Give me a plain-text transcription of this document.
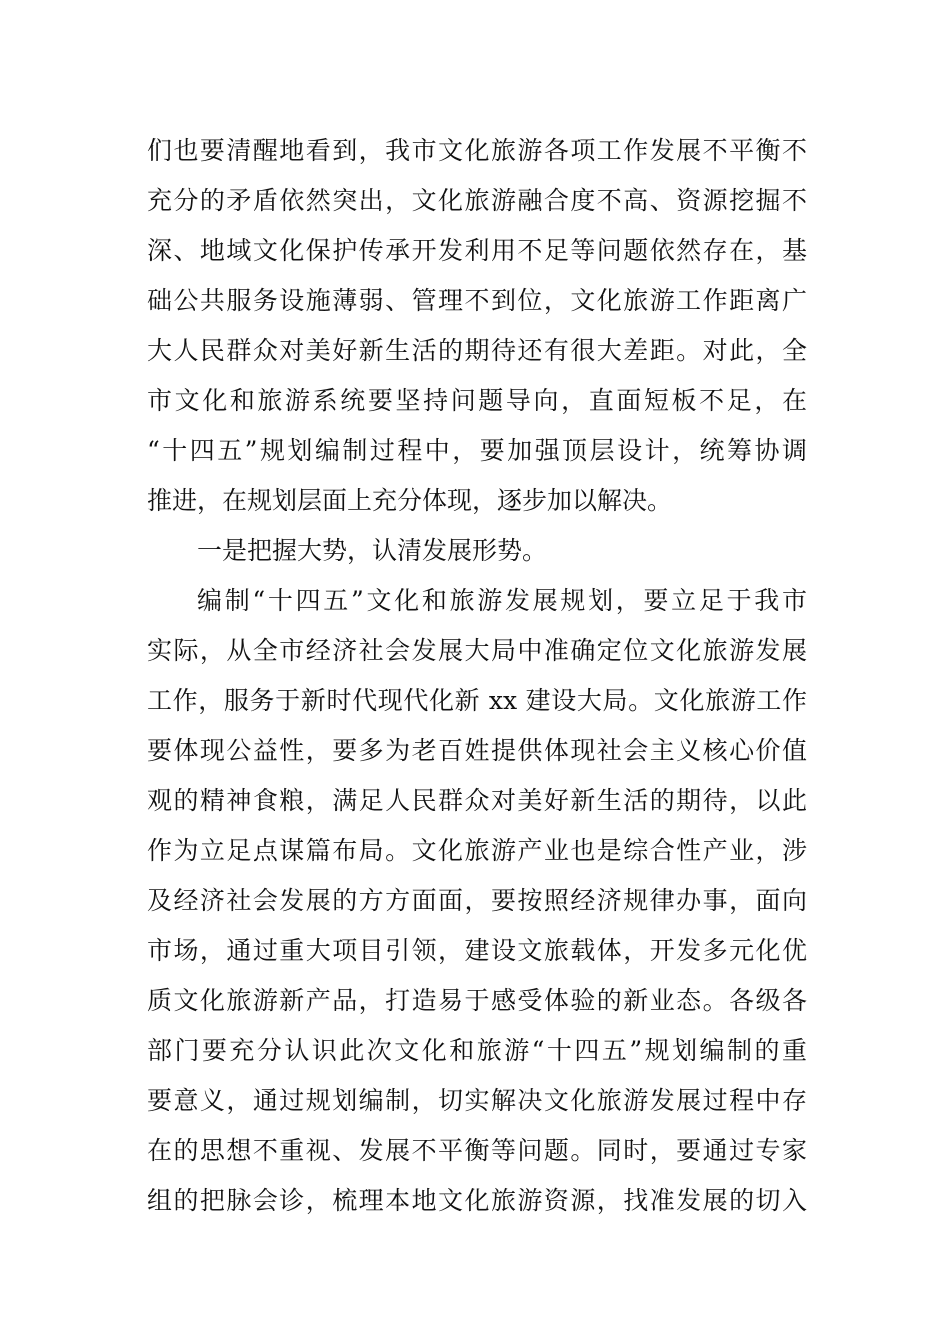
们也要清醒地看到，我市文化旅游各项工作发展不平衡不
充分的矛盾依然突出，文化旅游融合度不高、资源挖掘不
深、地域文化保护传承开发利用不足等问题依然存在，基
础公共服务设施薄弱、管理不到位，文化旅游工作距离广
大人民群众对美好新生活的期待还有很大差距。对此，全
市文化和旅游系统要坚持问题导向，直面短板不足，在
“十四五”规划编制过程中，要加强顶层设计，统筹协调
推进，在规划层面上充分体现，逐步加以解决。
一是把握大势，认清发展形势。
编制“十四五”文化和旅游发展规划，要立足于我市
实际，从全市经济社会发展大局中准确定位文化旅游发展
工作，服务于新时代现代化新 xx 建设大局。文化旅游工作
要体现公益性，要多为老百姓提供体现社会主义核心价值
观的精神食粮，满足人民群众对美好新生活的期待，以此
作为立足点谋篇布局。文化旅游产业也是综合性产业，涉
及经济社会发展的方方面面，要按照经济规律办事，面向
市场，通过重大项目引领，建设文旅载体，开发多元化优
质文化旅游新产品，打造易于感受体验的新业态。各级各
部门要充分认识此次文化和旅游“十四五”规划编制的重
要意义，通过规划编制，切实解决文化旅游发展过程中存
在的思想不重视、发展不平衡等问题。同时，要通过专家
组的把脉会诊，梳理本地文化旅游资源，找准发展的切入
